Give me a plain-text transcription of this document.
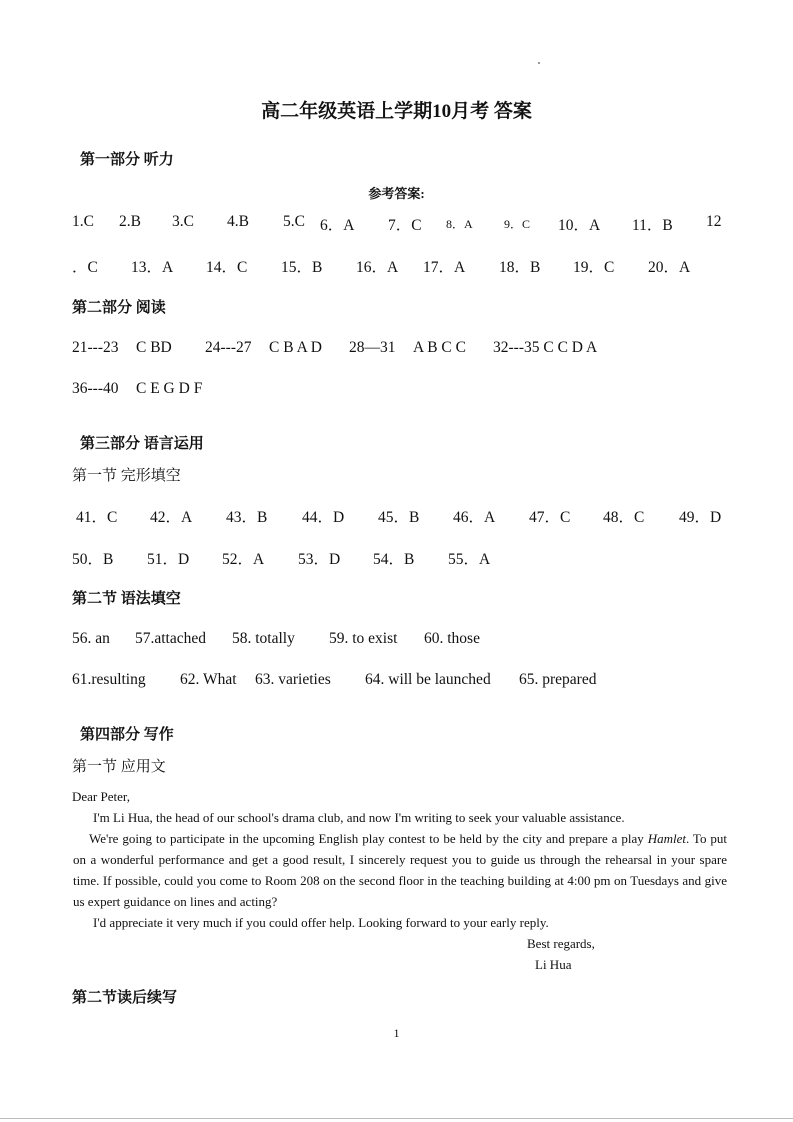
高二年级英语上学期10月考 答案
第一部分 听力
参考答案:
1.C 2.B 3.C 4.B 5.C 6．A 7．C 8．A	9．C 10．A 11．B 12
．C 13．A 14．C 15．B 16．A 17．A 18．B 19．C 20．A
第二部分 阅读
21---23 C BD 24---27 C B A D 28—31 A B C C 32---35 C C D A
36---40 C E G D F
第三部分 语言运用
第一节 完形填空
41．C 42．A 43．B 44．D 45．B 46．A 47．C 48．C 49．D
50．B 51．D 52．A 53．D 54．B 55．A
第二节 语法填空
56. an 57.attached 58. totally 59. to exist 60. those
61.resulting 62. What 63. varieties 64. will be launched 65. prepared
第四部分 写作
第一节 应用文
Dear Peter,
I'm Li Hua, the head of our school's drama club, and now I'm writing to seek your valuable assistance.
We're going to participate in the upcoming English play contest to be held by the city and prepare a play Hamlet. To put on a wonderful performance and get a good result, I sincerely request you to guide us through the rehearsal in your spare time. If possible, could you come to Room 208 on the second floor in the teaching building at 4:00 pm on Tuesdays and give us expert guidance on lines and acting?
I'd appreciate it very much if you could offer help. Looking forward to your early reply.
Best regards,
Li Hua
第二节读后续写
1
